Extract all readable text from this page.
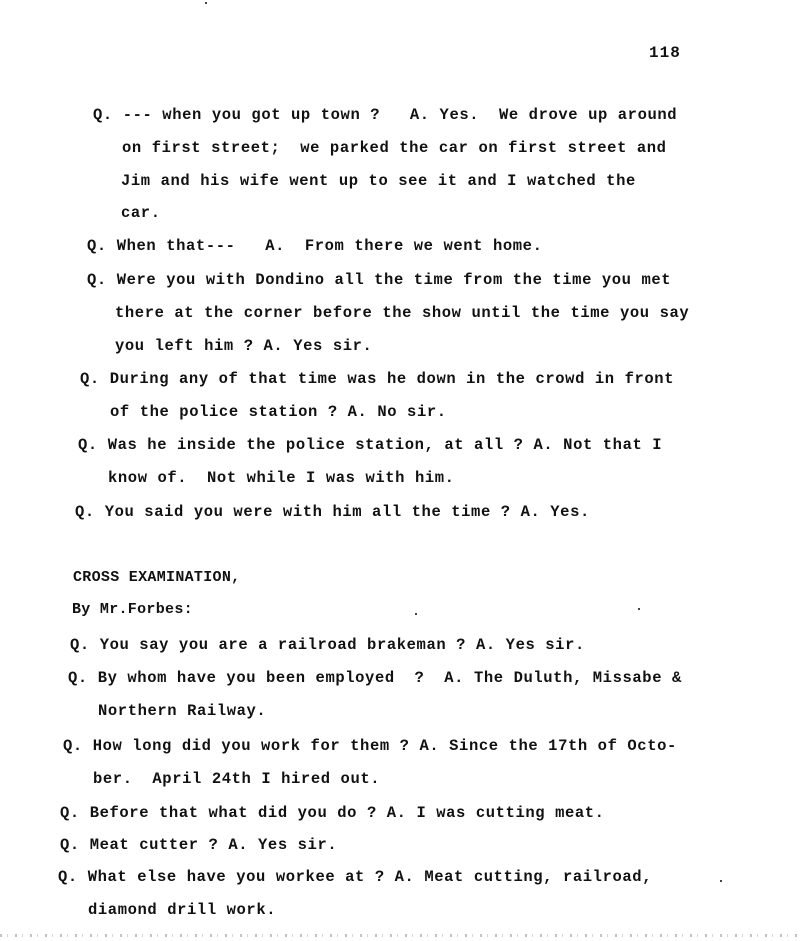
118
Q. --- when you got up town ?   A. Yes.  We drove up around
on first street;  we parked the car on first street and
Jim and his wife went up to see it and I watched the
car.
Q. When that---   A.  From there we went home.
Q. Were you with Dondino all the time from the time you met
there at the corner before the show until the time you say
you left him ? A. Yes sir.
Q. During any of that time was he down in the crowd in front
of the police station ? A. No sir.
Q. Was he inside the police station, at all ? A. Not that I
know of.  Not while I was with him.
Q. You said you were with him all the time ? A. Yes.
CROSS EXAMINATION,
By Mr.Forbes:
Q. You say you are a railroad brakeman ? A. Yes sir.
Q. By whom have you been employed  ?  A. The Duluth, Missabe &
Northern Railway.
Q. How long did you work for them ? A. Since the 17th of Octo-
ber.  April 24th I hired out.
Q. Before that what did you do ? A. I was cutting meat.
Q. Meat cutter ? A. Yes sir.
Q. What else have you workee at ? A. Meat cutting, railroad,
diamond drill work.
